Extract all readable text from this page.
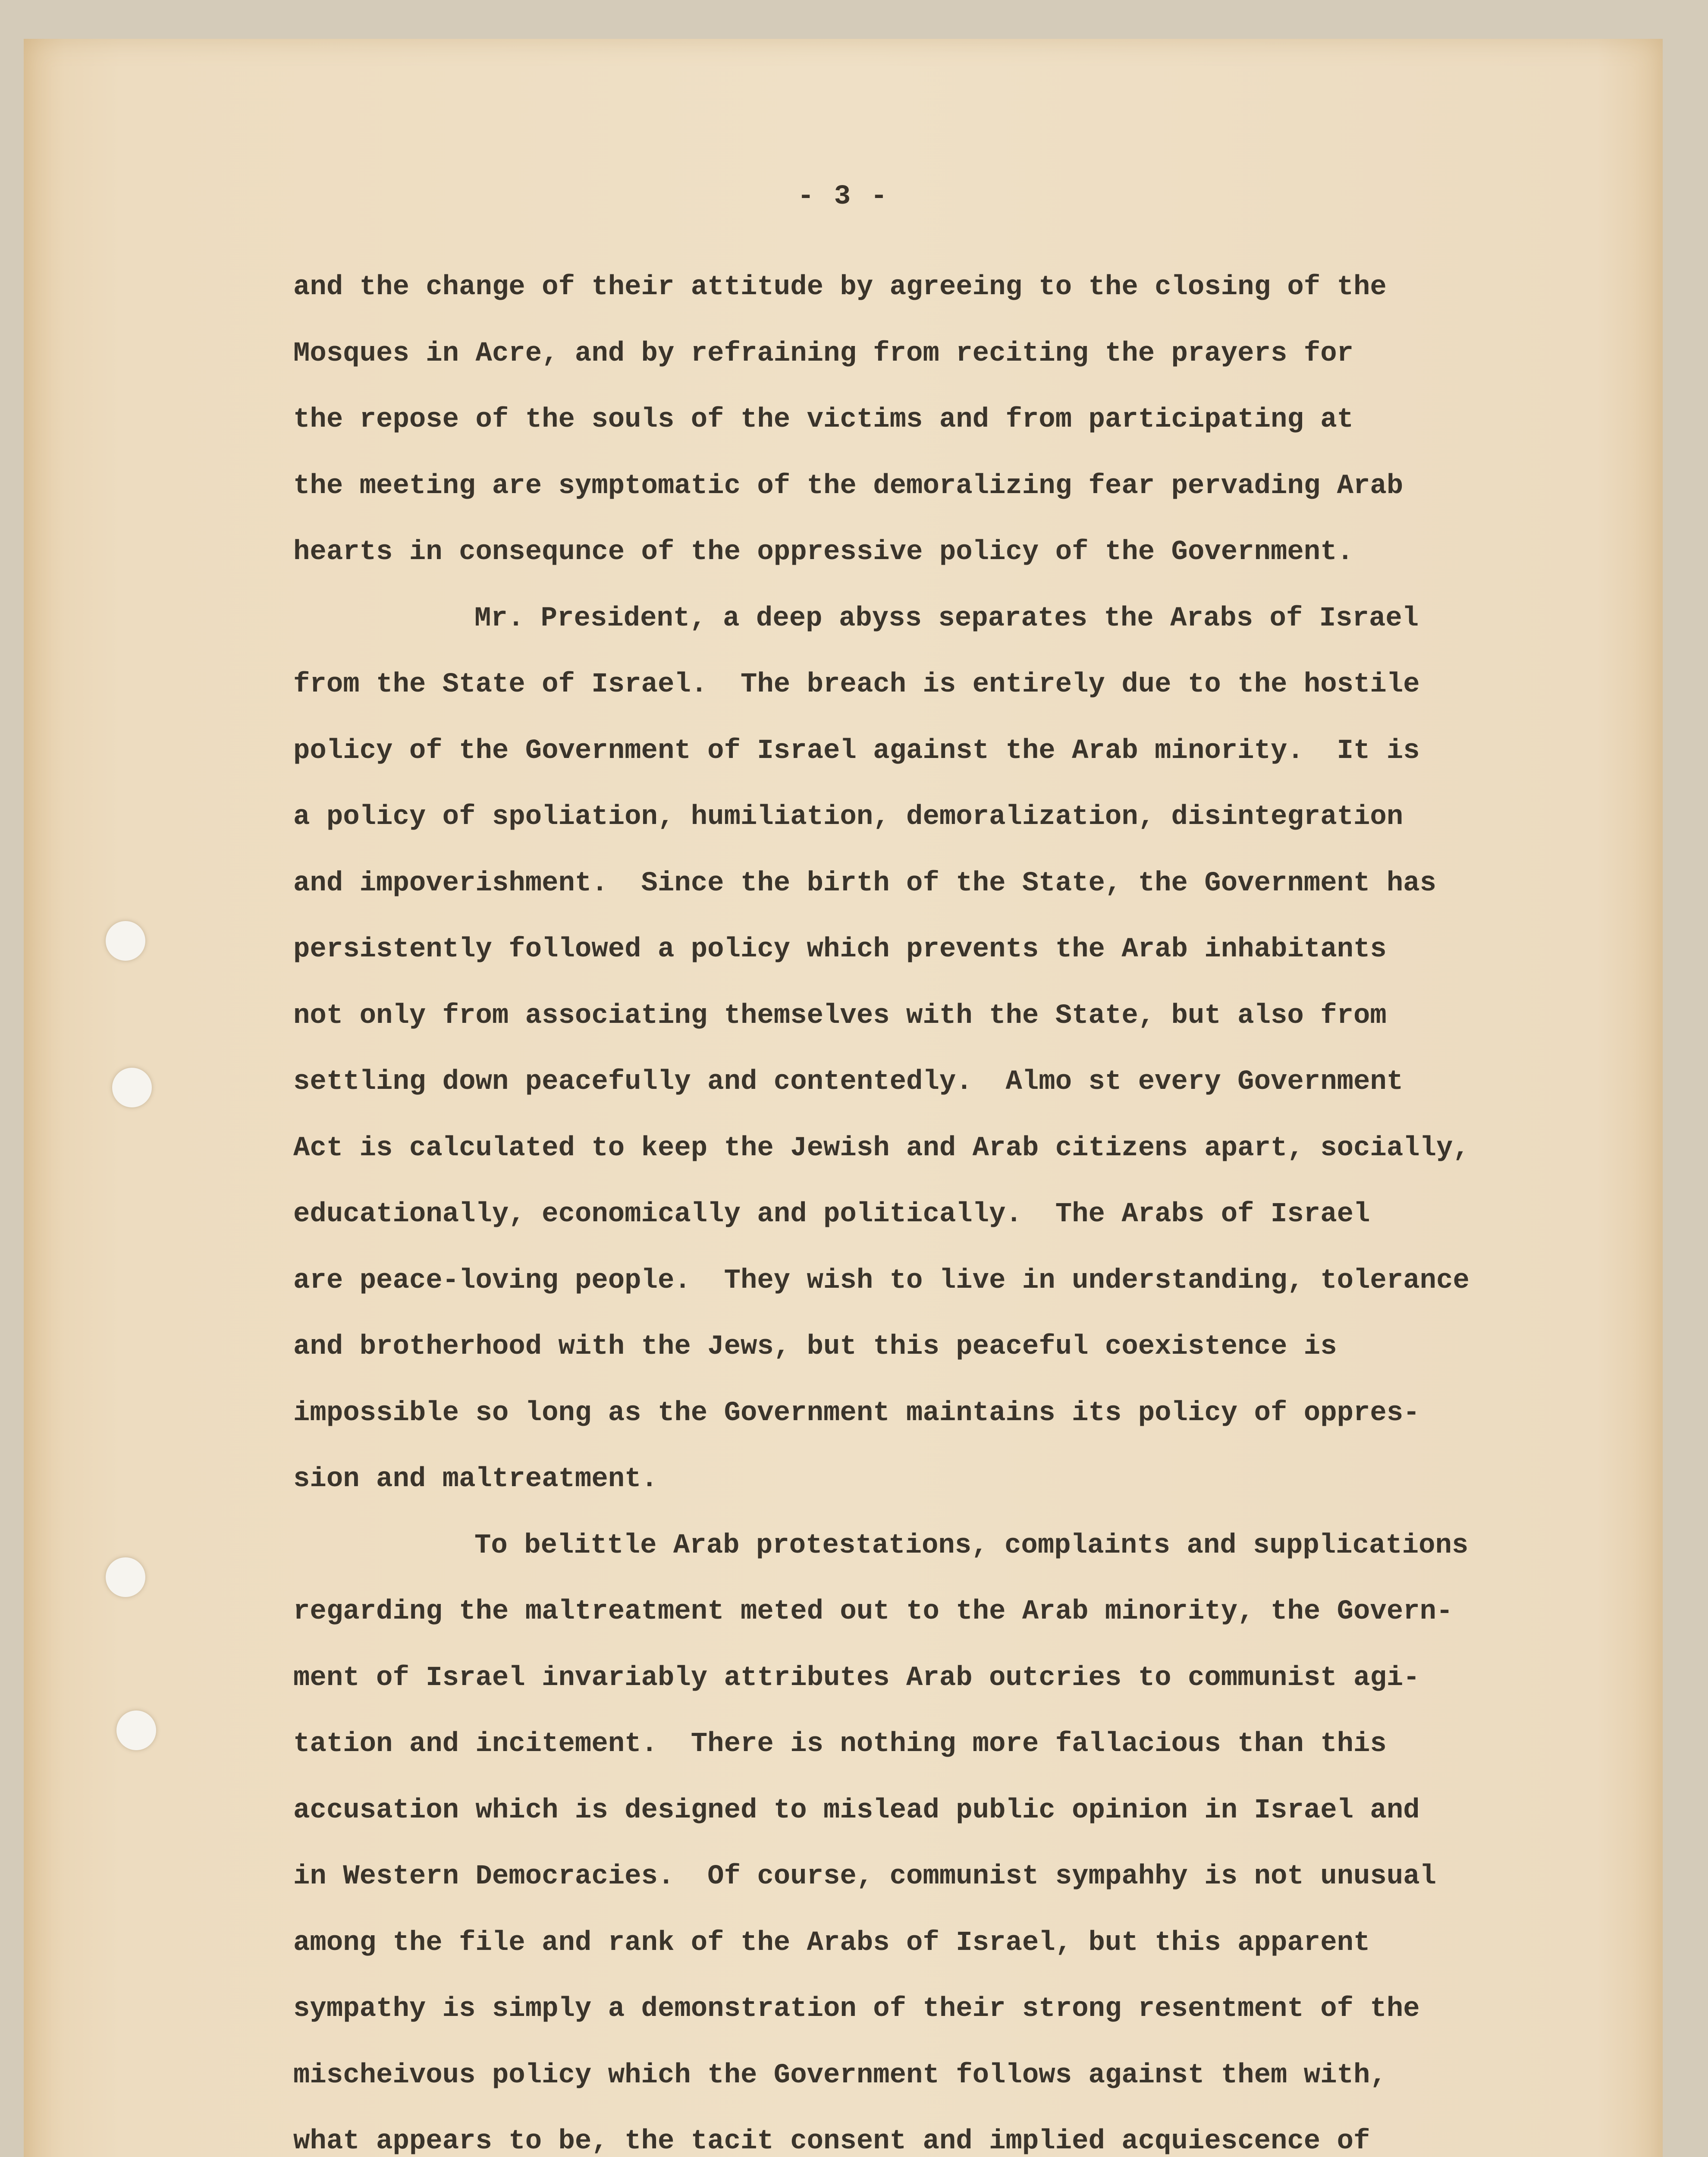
- 3 -

and the change of their attitude by agreeing to the closing of the
Mosques in Acre, and by refraining from reciting the prayers for
the repose of the souls of the victims and from participating at
the meeting are symptomatic of the demoralizing fear pervading Arab
hearts in consequnce of the oppressive policy of the Government.
Mr. President, a deep abyss separates the Arabs of Israel
from the State of Israel.  The breach is entirely due to the hostile
policy of the Government of Israel against the Arab minority.  It is
a policy of spoliation, humiliation, demoralization, disintegration
and impoverishment.  Since the birth of the State, the Government has
persistently followed a policy which prevents the Arab inhabitants
not only from associating themselves with the State, but also from
settling down peacefully and contentedly.  Almo st every Government
Act is calculated to keep the Jewish and Arab citizens apart, socially,
educationally, economically and politically.  The Arabs of Israel
are peace-loving people.  They wish to live in understanding, tolerance
and brotherhood with the Jews, but this peaceful coexistence is
impossible so long as the Government maintains its policy of oppres-
sion and maltreatment.
To belittle Arab protestations, complaints and supplications
regarding the maltreatment meted out to the Arab minority, the Govern-
ment of Israel invariably attributes Arab outcries to communist agi-
tation and incitement.  There is nothing more fallacious than this
accusation which is designed to mislead public opinion in Israel and
in Western Democracies.  Of course, communist sympahhy is not unusual
among the file and rank of the Arabs of Israel, but this apparent
sympathy is simply a demonstration of their strong resentment of the
mischeivous policy which the Government follows against them with,
what appears to be, the tacit consent and implied acquiescence of
